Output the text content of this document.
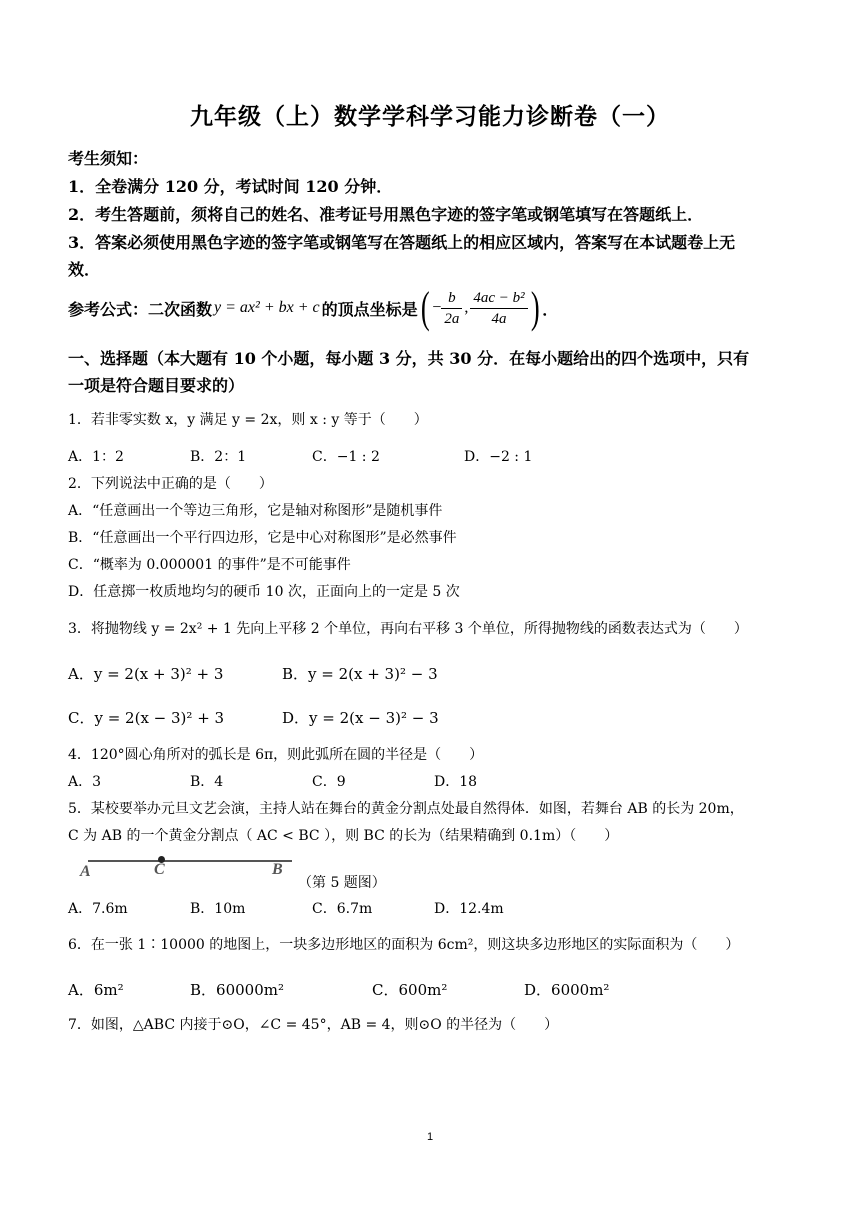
九年级（上）数学学科学习能力诊断卷（一）
考生须知：
1．全卷满分 120 分，考试时间 120 分钟．
2．考生答题前，须将自己的姓名、准考证号用黑色字迹的签字笔或钢笔填写在答题纸上．
3．答案必须使用黑色字迹的签字笔或钢笔写在答题纸上的相应区域内，答案写在本试题卷上无
效．
参考公式：二次函数 y = ax² + bx + c 的顶点坐标是 ( − $\frac{b}{2a}$ , $\frac{\text{4ac − b²}}{4a}$ ) ．
一、选择题（本大题有 10 个小题，每小题 3 分，共 30 分．在每小题给出的四个选项中，只有
一项是符合题目要求的）
1．若非零实数 x，y 满足 y = 2x，则 x : y 等于（　　）
A．1：2	B．2：1	C．−1 : 2	D．−2 : 1
2．下列说法中正确的是（　　）
A．“任意画出一个等边三角形，它是轴对称图形”是随机事件
B．“任意画出一个平行四边形，它是中心对称图形”是必然事件
C．“概率为 0.000001 的事件”是不可能事件
D．任意掷一枚质地均匀的硬币 10 次，正面向上的一定是 5 次
3．将抛物线 y = 2x² + 1 先向上平移 2 个单位，再向右平移 3 个单位，所得抛物线的函数表达式为（　　）
A．y = 2(x + 3)² + 3	B．y = 2(x + 3)² − 3
C．y = 2(x − 3)² + 3	D．y = 2(x − 3)² − 3
4．120°圆心角所对的弧长是 6π，则此弧所在圆的半径是（　　）
A．3	B．4	C．9	D．18
5．某校要举办元旦文艺会演，主持人站在舞台的黄金分割点处最自然得体．如图，若舞台 AB 的长为 20m，
C 为 AB 的一个黄金分割点（ AC < BC ），则 BC 的长为（结果精确到 0.1m）（　　）
A	C	B
（第 5 题图）
A．7.6m	B．10m	C．6.7m	D．12.4m
6．在一张 1∶10000 的地图上，一块多边形地区的面积为 6cm²，则这块多边形地区的实际面积为（　　）
A．6m²	B．60000m²	C．600m²	D．6000m²
7．如图，△ABC 内接于⊙O，∠C = 45°，AB = 4，则⊙O 的半径为（　　）
1
